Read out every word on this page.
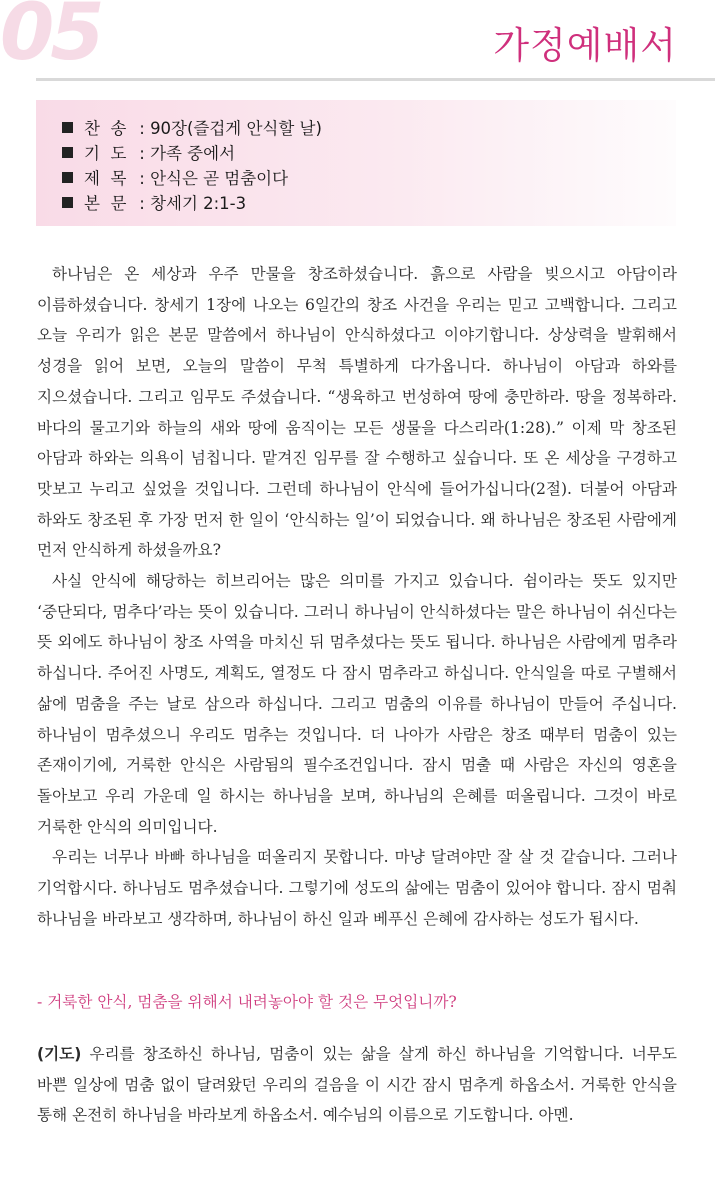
05	가정예배서
찬 송 : 90장(즐겁게 안식할 날)
기 도 : 가족 중에서
제 목 : 안식은 곧 멈춤이다
본 문 : 창세기 2:1-3

하나님은 온 세상과 우주 만물을 창조하셨습니다. 흙으로 사람을 빚으시고 아담이라 이름하셨습니다. 창세기 1장에 나오는 6일간의 창조 사건을 우리는 믿고 고백합니다. 그리고 오늘 우리가 읽은 본문 말씀에서 하나님이 안식하셨다고 이야기합니다. 상상력을 발휘해서 성경을 읽어 보면, 오늘의 말씀이 무척 특별하게 다가옵니다. 하나님이 아담과 하와를 지으셨습니다. 그리고 임무도 주셨습니다. “생육하고 번성하여 땅에 충만하라. 땅을 정복하라. 바다의 물고기와 하늘의 새와 땅에 움직이는 모든 생물을 다스리라(1:28).” 이제 막 창조된 아담과 하와는 의욕이 넘칩니다. 맡겨진 임무를 잘 수행하고 싶습니다. 또 온 세상을 구경하고 맛보고 누리고 싶었을 것입니다. 그런데 하나님이 안식에 들어가십니다(2절). 더불어 아담과 하와도 창조된 후 가장 먼저 한 일이 ‘안식하는 일’이 되었습니다. 왜 하나님은 창조된 사람에게 먼저 안식하게 하셨을까요?

사실 안식에 해당하는 히브리어는 많은 의미를 가지고 있습니다. 쉼이라는 뜻도 있지만 ‘중단되다, 멈추다’라는 뜻이 있습니다. 그러니 하나님이 안식하셨다는 말은 하나님이 쉬신다는 뜻 외에도 하나님이 창조 사역을 마치신 뒤 멈추셨다는 뜻도 됩니다. 하나님은 사람에게 멈추라 하십니다. 주어진 사명도, 계획도, 열정도 다 잠시 멈추라고 하십니다. 안식일을 따로 구별해서 삶에 멈춤을 주는 날로 삼으라 하십니다. 그리고 멈춤의 이유를 하나님이 만들어 주십니다. 하나님이 멈추셨으니 우리도 멈추는 것입니다. 더 나아가 사람은 창조 때부터 멈춤이 있는 존재이기에, 거룩한 안식은 사람됨의 필수조건입니다. 잠시 멈출 때 사람은 자신의 영혼을 돌아보고 우리 가운데 일 하시는 하나님을 보며, 하나님의 은혜를 떠올립니다. 그것이 바로 거룩한 안식의 의미입니다.

우리는 너무나 바빠 하나님을 떠올리지 못합니다. 마냥 달려야만 잘 살 것 같습니다. 그러나 기억합시다. 하나님도 멈추셨습니다. 그렇기에 성도의 삶에는 멈춤이 있어야 합니다. 잠시 멈춰 하나님을 바라보고 생각하며, 하나님이 하신 일과 베푸신 은혜에 감사하는 성도가 됩시다.

- 거룩한 안식, 멈춤을 위해서 내려놓아야 할 것은 무엇입니까?
(기도) 우리를 창조하신 하나님, 멈춤이 있는 삶을 살게 하신 하나님을 기억합니다. 너무도 바쁜 일상에 멈춤 없이 달려왔던 우리의 걸음을 이 시간 잠시 멈추게 하옵소서. 거룩한 안식을 통해 온전히 하나님을 바라보게 하옵소서. 예수님의 이름으로 기도합니다. 아멘.
